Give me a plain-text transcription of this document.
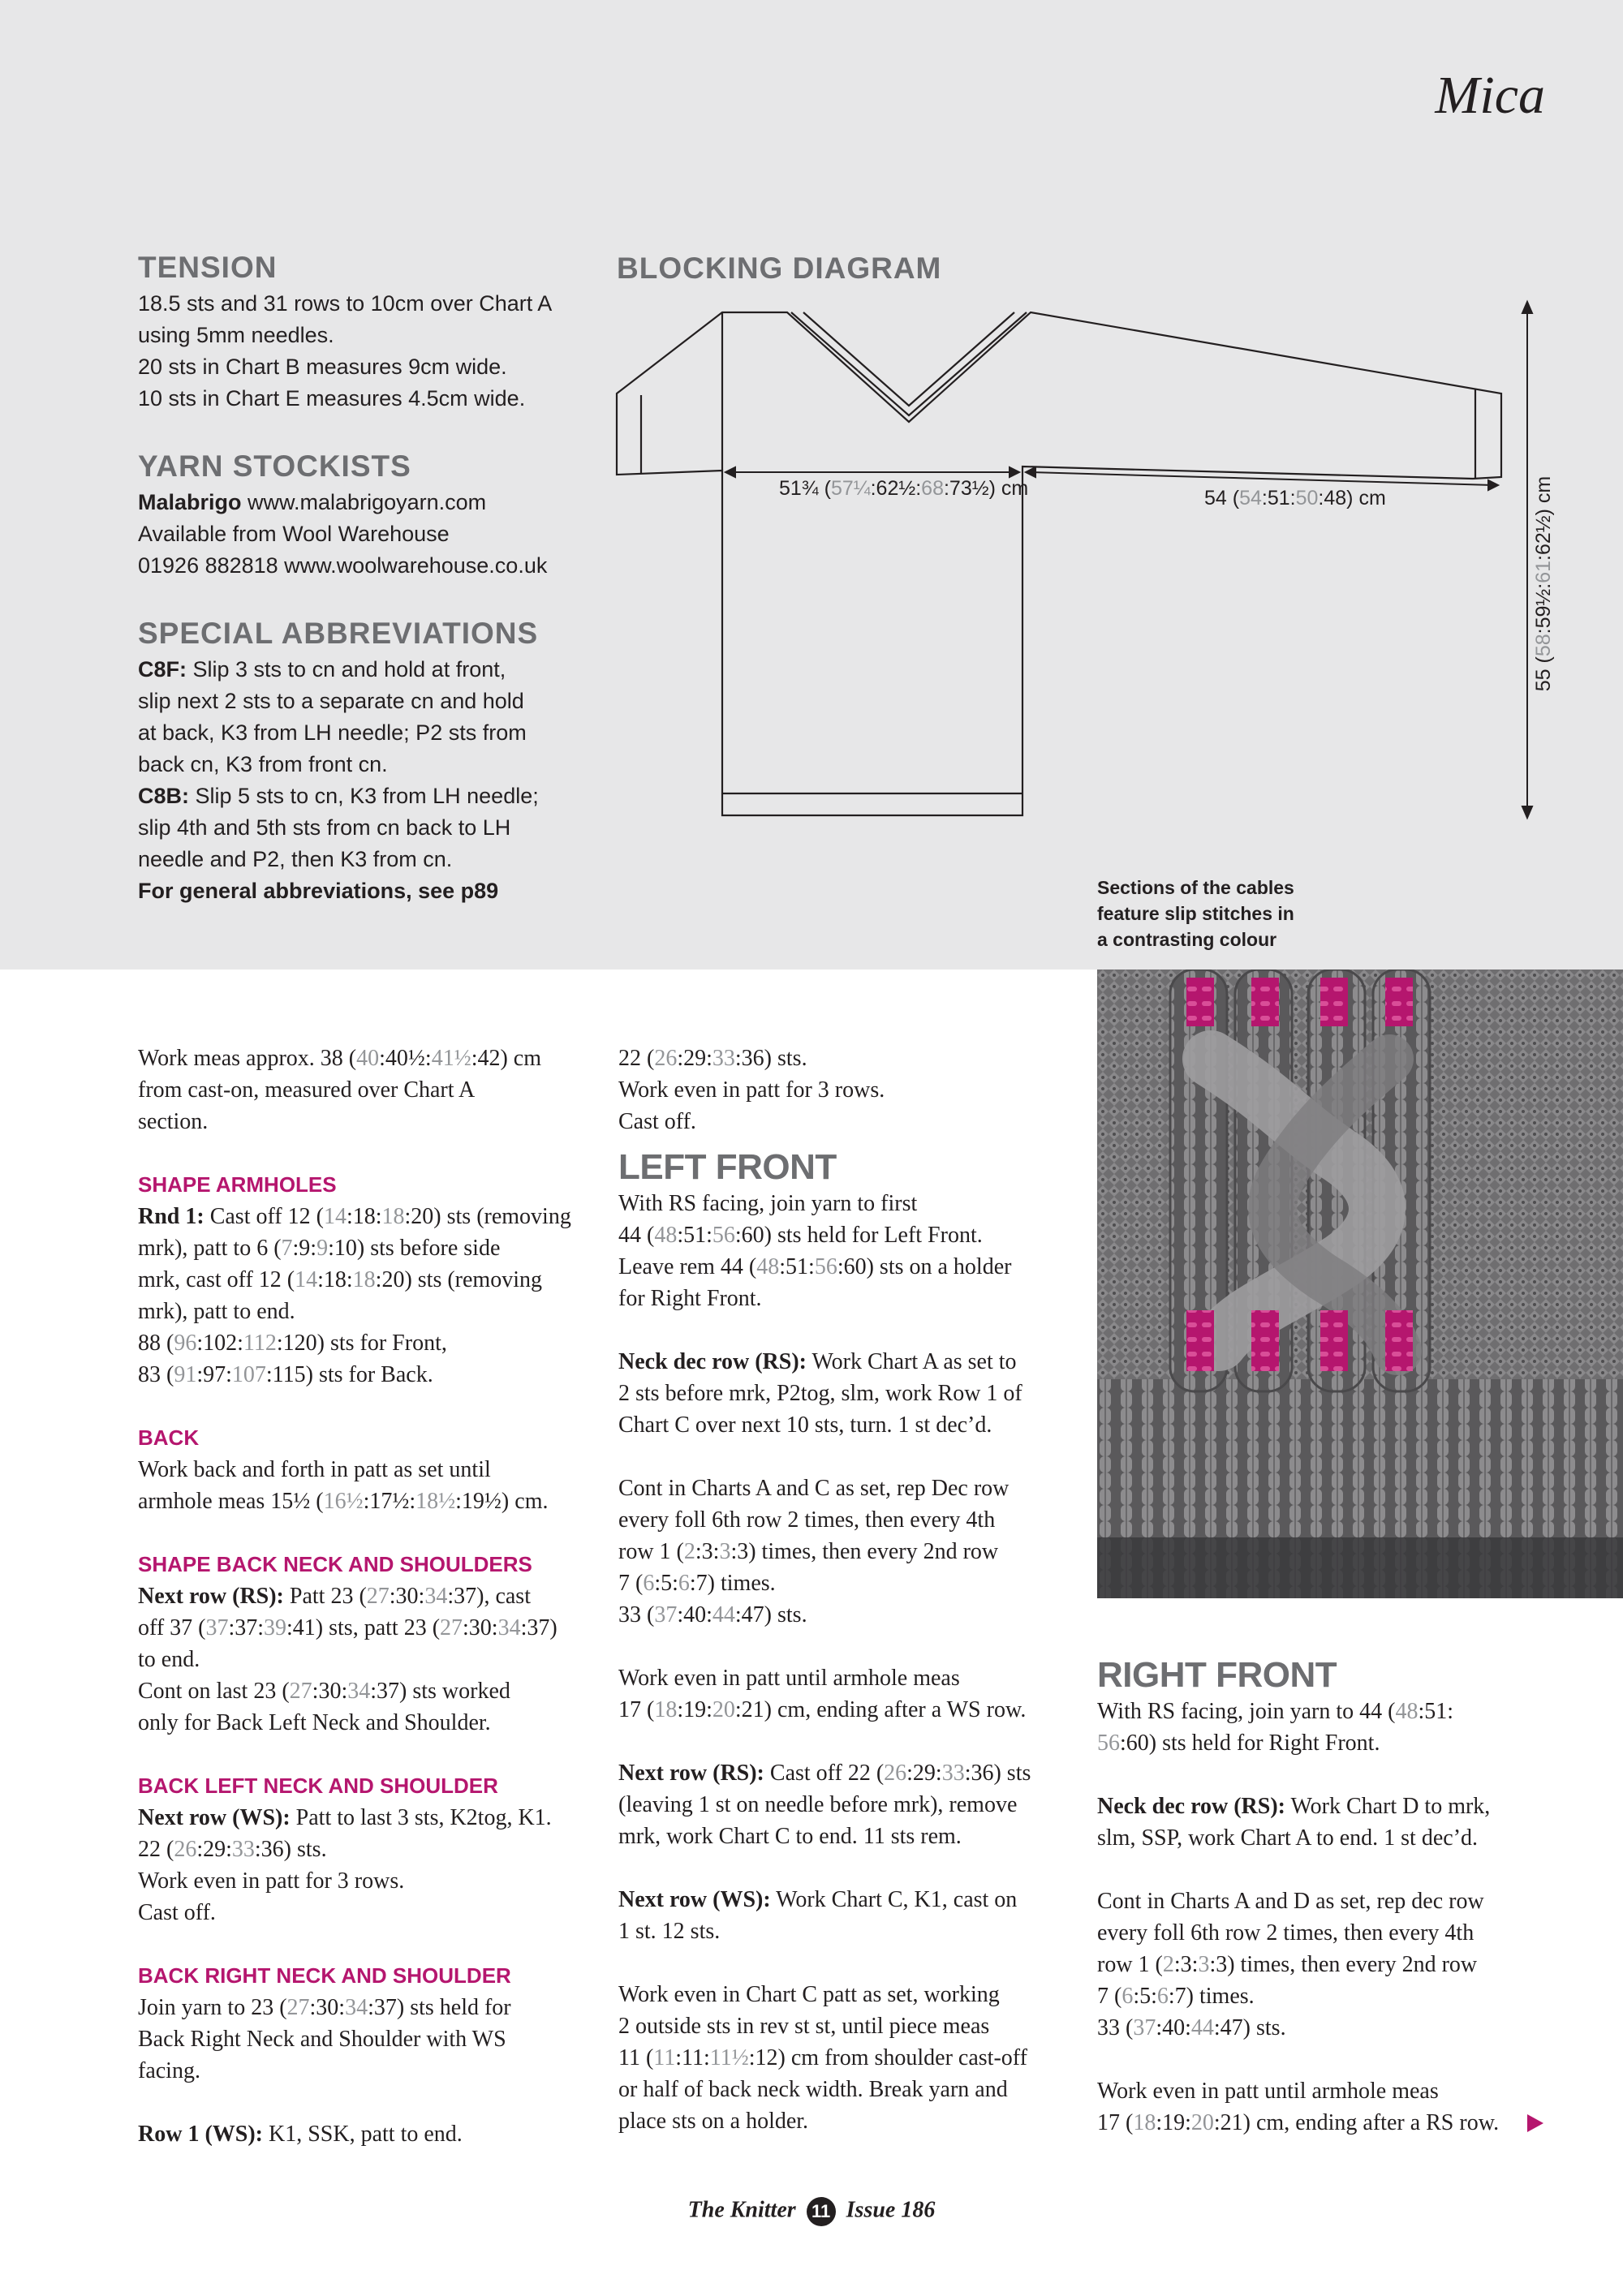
Mica

TENSION

18.5 sts and 31 rows to 10cm over Chart A

using 5mm needles.

20 sts in Chart B measures 9cm wide.

10 sts in Chart E measures 4.5cm wide.

YARN STOCKISTS

Malabrigo www.malabrigoyarn.com

Available from Wool Warehouse

01926 882818 www.woolwarehouse.co.uk

SPECIAL ABBREVIATIONS

C8F: Slip 3 sts to cn and hold at front,

slip next 2 sts to a separate cn and hold

at back, K3 from LH needle; P2 sts from

back cn, K3 from front cn.

C8B: Slip 5 sts to cn, K3 from LH needle;

slip 4th and 5th sts from cn back to LH

needle and P2, then K3 from cn.

For general abbreviations, see p89

BLOCKING DIAGRAM

51¾ (57¼:62½:68:73½) cm	54 (54:51:50:48) cm
55 (58:59½:61:62½) cm
Sections of the cables
feature slip stitches in
a contrasting colour
Work meas approx. 38 (40:40½:41½:42) cm
from cast-on, measured over Chart A
section.

SHAPE ARMHOLES

Rnd 1: Cast off 12 (14:18:18:20) sts (removing
mrk), patt to 6 (7:9:9:10) sts before side
mrk, cast off 12 (14:18:18:20) sts (removing
mrk), patt to end.
88 (96:102:112:120) sts for Front,
83 (91:97:107:115) sts for Back.

BACK

Work back and forth in patt as set until
armhole meas 15½ (16½:17½:18½:19½) cm.

SHAPE BACK NECK AND SHOULDERS

Next row (RS): Patt 23 (27:30:34:37), cast
off 37 (37:37:39:41) sts, patt 23 (27:30:34:37)
to end.
Cont on last 23 (27:30:34:37) sts worked
only for Back Left Neck and Shoulder.

BACK LEFT NECK AND SHOULDER

Next row (WS): Patt to last 3 sts, K2tog, K1.
22 (26:29:33:36) sts.
Work even in patt for 3 rows.
Cast off.

BACK RIGHT NECK AND SHOULDER

Join yarn to 23 (27:30:34:37) sts held for
Back Right Neck and Shoulder with WS
facing.
Row 1 (WS): K1, SSK, patt to end.
22 (26:29:33:36) sts.
Work even in patt for 3 rows.
Cast off.

LEFT FRONT

With RS facing, join yarn to first
44 (48:51:56:60) sts held for Left Front.
Leave rem 44 (48:51:56:60) sts on a holder
for Right Front.
Neck dec row (RS): Work Chart A as set to
2 sts before mrk, P2tog, slm, work Row 1 of
Chart C over next 10 sts, turn. 1 st dec’d.
Cont in Charts A and C as set, rep Dec row
every foll 6th row 2 times, then every 4th
row 1 (2:3:3:3) times, then every 2nd row
7 (6:5:6:7) times.
33 (37:40:44:47) sts.
Work even in patt until armhole meas
17 (18:19:20:21) cm, ending after a WS row.
Next row (RS): Cast off 22 (26:29:33:36) sts
(leaving 1 st on needle before mrk), remove
mrk, work Chart C to end. 11 sts rem.
Next row (WS): Work Chart C, K1, cast on
1 st. 12 sts.
Work even in Chart C patt as set, working
2 outside sts in rev st st, until piece meas
11 (11:11:11½:12) cm from shoulder cast-off
or half of back neck width. Break yarn and
place sts on a holder.

RIGHT FRONT

With RS facing, join yarn to 44 (48:51:
56:60) sts held for Right Front.
Neck dec row (RS): Work Chart D to mrk,
slm, SSP, work Chart A to end. 1 st dec’d.
Cont in Charts A and D as set, rep dec row
every foll 6th row 2 times, then every 4th
row 1 (2:3:3:3) times, then every 2nd row
7 (6:5:6:7) times.
33 (37:40:44:47) sts.
Work even in patt until armhole meas
17 (18:19:20:21) cm, ending after a RS row.
The Knitter 11 Issue 186
